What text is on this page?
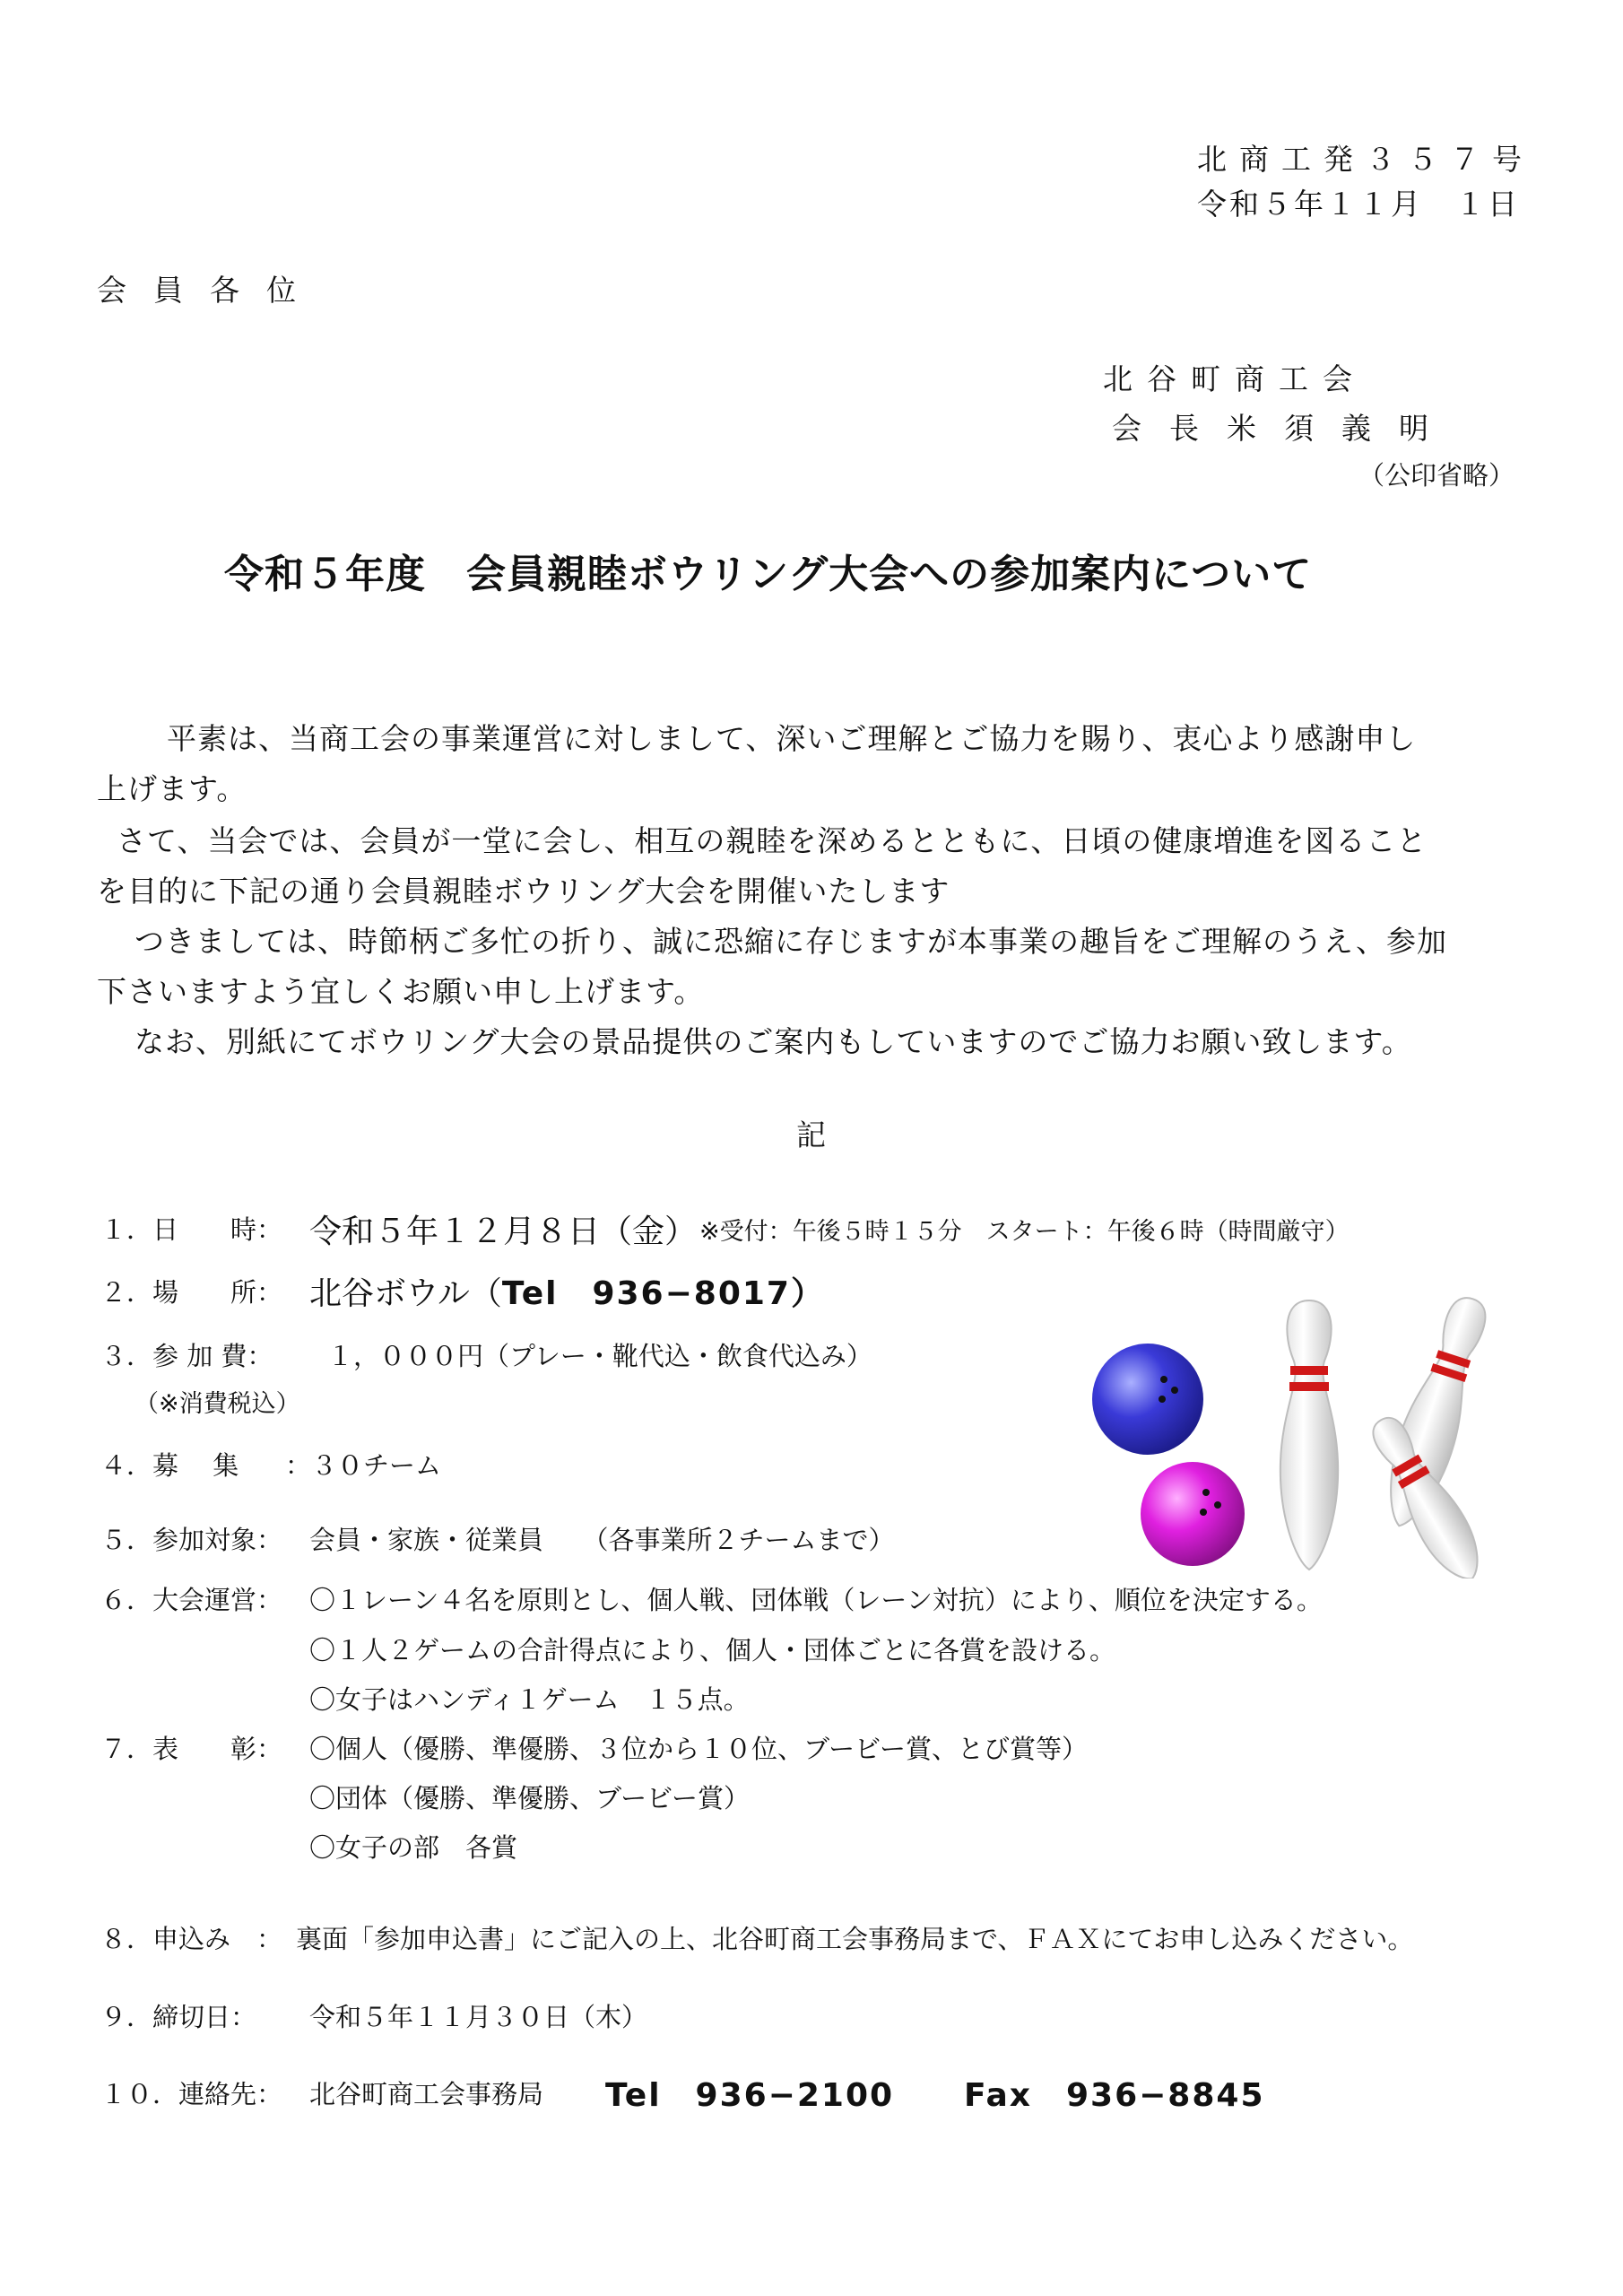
北商工発３５７号
令和５年１１月　１日
会員各位
北谷町商工会
会長米須義明
（公印省略）
令和５年度　会員親睦ボウリング大会への参加案内について
平素は、当商工会の事業運営に対しまして、深いご理解とご協力を賜り、衷心より感謝申し
上げます。
さて、当会では、会員が一堂に会し、相互の親睦を深めるとともに、日頃の健康増進を図ること
を目的に下記の通り会員親睦ボウリング大会を開催いたします
つきましては、時節柄ご多忙の折り、誠に恐縮に存じますが本事業の趣旨をご理解のうえ、参加
下さいますよう宜しくお願い申し上げます。
なお、別紙にてボウリング大会の景品提供のご案内もしていますのでご協力お願い致します。
記
１．日　　時： 令和５年１２月８日（金） ※受付：午後５時１５分　スタート：午後６時（時間厳守）
２．場　　所： 北谷ボウル（Tel　936−8017）
３．参 加 費： １，０００円（プレー・靴代込・飲食代込み）
（※消費税込）
４．募　 集 ：３０チーム
５．参加対象： 会員・家族・従業員　　（各事業所２チームまで）
６．大会運営： 〇１レーン４名を原則とし、個人戦、団体戦（レーン対抗）により、順位を決定する。
〇１人２ゲームの合計得点により、個人・団体ごとに各賞を設ける。
〇女子はハンディ１ゲーム　１５点。
７．表　　彰： 〇個人（優勝、準優勝、３位から１０位、ブービー賞、とび賞等）
〇団体（優勝、準優勝、ブービー賞）
〇女子の部　各賞
８．申込み　： 裏面「参加申込書」にご記入の上、北谷町商工会事務局まで、ＦＡＸにてお申し込みください。
９．締切日： 令和５年１１月３０日（木）
１０．連絡先： 北谷町商工会事務局 Tel　936−2100 Fax　936−8845
